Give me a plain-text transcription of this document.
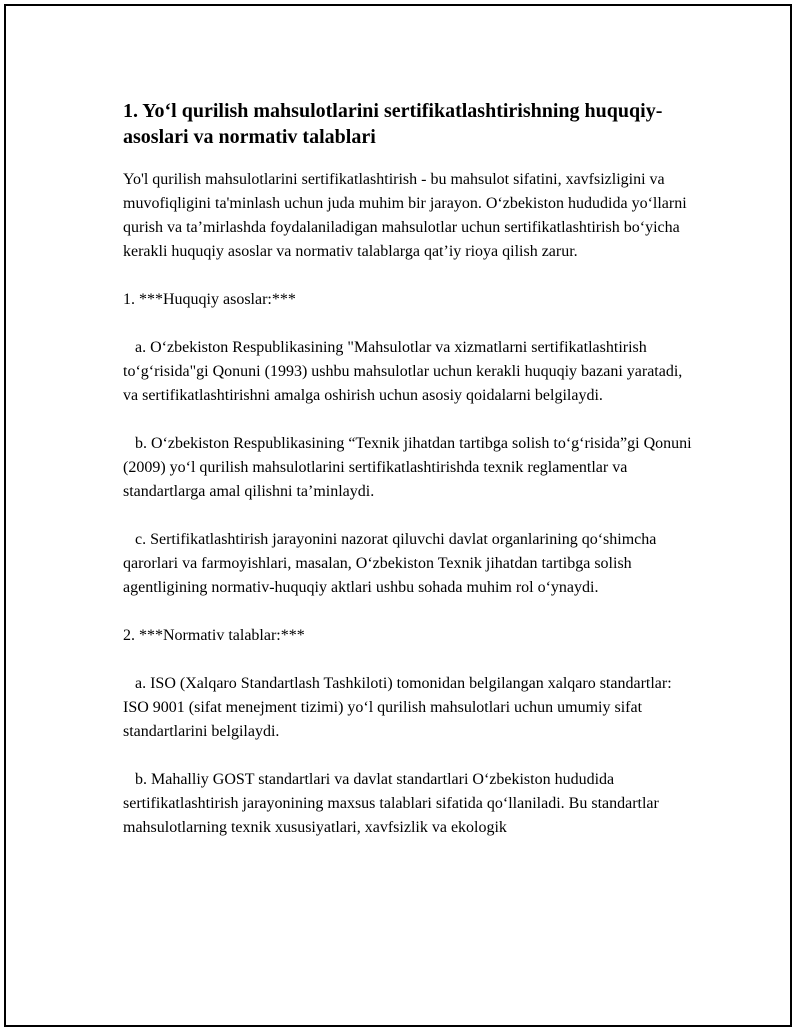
1. Yo‘l qurilish mahsulotlarini sertifikatlashtirishning huquqiy-asoslari va normativ talablari

Yo'l qurilish mahsulotlarini sertifikatlashtirish - bu mahsulot sifatini, xavfsizligini va muvofiqligini ta'minlash uchun juda muhim bir jarayon. O‘zbekiston hududida yo‘llarni qurish va ta’mirlashda foydalaniladigan mahsulotlar uchun sertifikatlashtirish bo‘yicha kerakli huquqiy asoslar va normativ talablarga qat’iy rioya qilish zarur.

1. ***Huquqiy asoslar:***

a. O‘zbekiston Respublikasining "Mahsulotlar va xizmatlarni sertifikatlashtirish to‘g‘risida"gi Qonuni (1993) ushbu mahsulotlar uchun kerakli huquqiy bazani yaratadi, va sertifikatlashtirishni amalga oshirish uchun asosiy qoidalarni belgilaydi.

b. O‘zbekiston Respublikasining “Texnik jihatdan tartibga solish to‘g‘risida”gi Qonuni (2009) yo‘l qurilish mahsulotlarini sertifikatlashtirishda texnik reglamentlar va standartlarga amal qilishni ta’minlaydi.

c. Sertifikatlashtirish jarayonini nazorat qiluvchi davlat organlarining qo‘shimcha qarorlari va farmoyishlari, masalan, O‘zbekiston Texnik jihatdan tartibga solish agentligining normativ-huquqiy aktlari ushbu sohada muhim rol o‘ynaydi.

2. ***Normativ talablar:***

a. ISO (Xalqaro Standartlash Tashkiloti) tomonidan belgilangan xalqaro standartlar: ISO 9001 (sifat menejment tizimi) yo‘l qurilish mahsulotlari uchun umumiy sifat standartlarini belgilaydi.

b. Mahalliy GOST standartlari va davlat standartlari O‘zbekiston hududida sertifikatlashtirish jarayonining maxsus talablari sifatida qo‘llaniladi. Bu standartlar mahsulotlarning texnik xususiyatlari, xavfsizlik va ekologik
